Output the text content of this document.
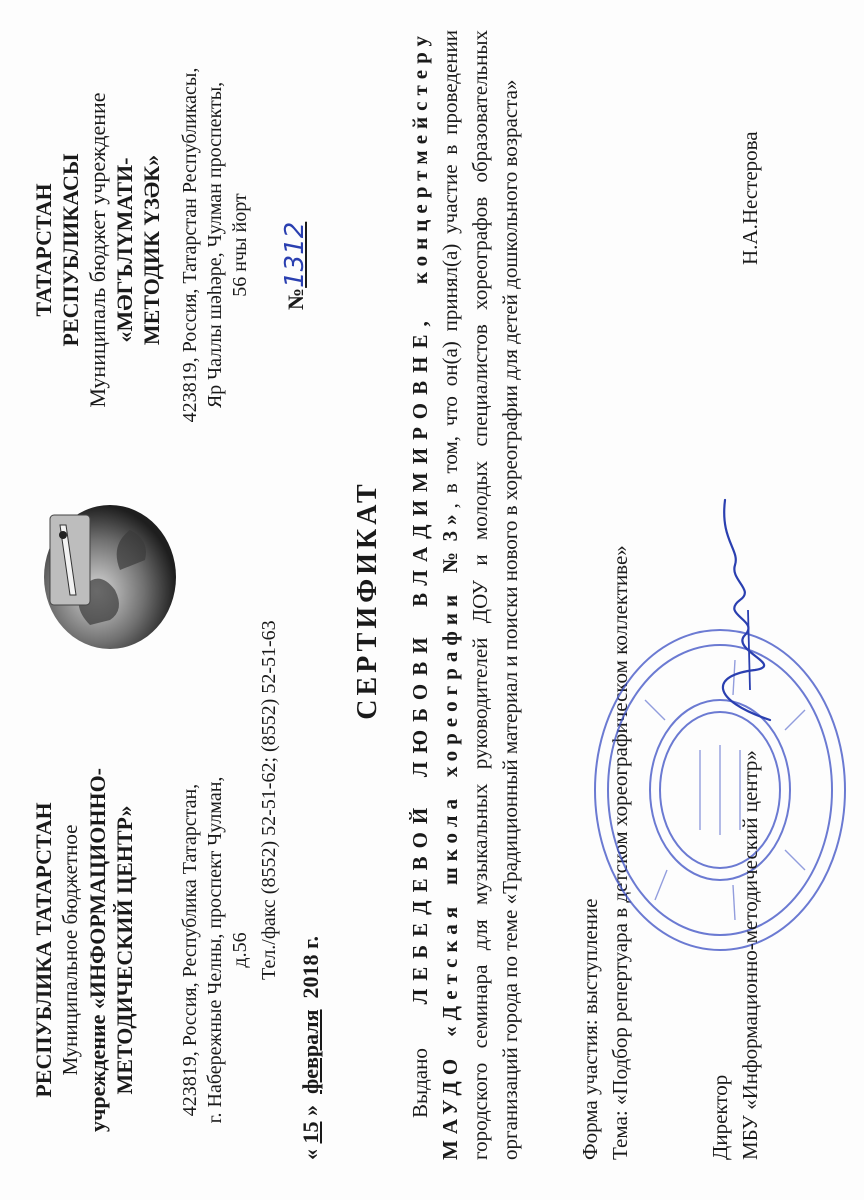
РЕСПУБЛИКА ТАТАРСТАН Муниципальное бюджетное учреждение «ИНФОРМАЦИОННО- МЕТОДИЧЕСКИЙ ЦЕНТР» 423819, Россия, Республика Татарстан, г. Набережные Челны, проспект Чулман, д.56 Тел./факс (8552) 52-51-62; (8552) 52-51-63
ТАТАРСТАН РЕСПУБЛИКАСЫ Муниципаль бюджет учреждение «МӘГЪЛҮМАТИ- МЕТОДИК ҮЗӘК» 423819, Россия, Татарстан Республикасы, Яр Чаллы шәһәре, Чулман проспекты, 56 нчы йорт
« 15 »  февраля  2018 г.
№1312
СЕРТИФИКАТ
Выдано   ЛЕБЕДЕВОЙ ЛЮБОВИ ВЛАДИМИРОВНЕ,  концертмейстеру МАУДО «Детская школа хореографии №3», в том, что он(а) принял(а) участие в проведении городского семинара для музыкальных руководителей ДОУ и молодых специалистов хореографов образовательных организаций города по теме «Традиционный материал и поиски нового в хореографии для детей дошкольного возраста»	Форма участия: выступление Тема: «Подбор репертуара в детском хореографическом коллективе»	Директор МБУ «Информационно-методический центр»
Н.А.Нестерова
